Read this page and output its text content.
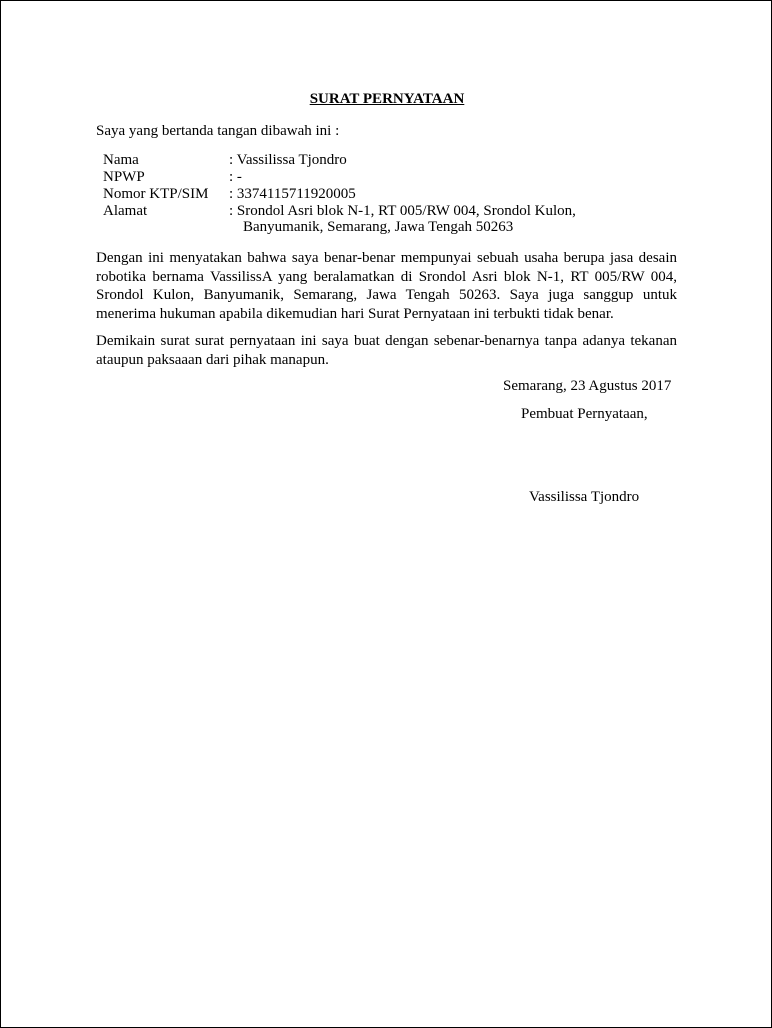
SURAT PERNYATAAN
Saya yang bertanda tangan dibawah ini :
Nama	: Vassilissa Tjondro
NPWP	: -
Nomor KTP/SIM : 3374115711920005
Alamat	: Srondol Asri blok N-1, RT 005/RW 004, Srondol Kulon,
Banyumanik, Semarang, Jawa Tengah 50263
Dengan ini menyatakan bahwa saya benar-benar mempunyai sebuah usaha berupa jasa desain robotika bernama VassilissA yang beralamatkan di Srondol Asri blok N-1, RT 005/RW 004, Srondol Kulon, Banyumanik, Semarang, Jawa Tengah 50263. Saya juga sanggup untuk menerima hukuman apabila dikemudian hari Surat Pernyataan ini terbukti tidak benar.
Demikain surat surat pernyataan ini saya buat dengan sebenar-benarnya tanpa adanya tekanan ataupun paksaaan dari pihak manapun.
Semarang, 23 Agustus 2017
Pembuat Pernyataan,
Vassilissa Tjondro
